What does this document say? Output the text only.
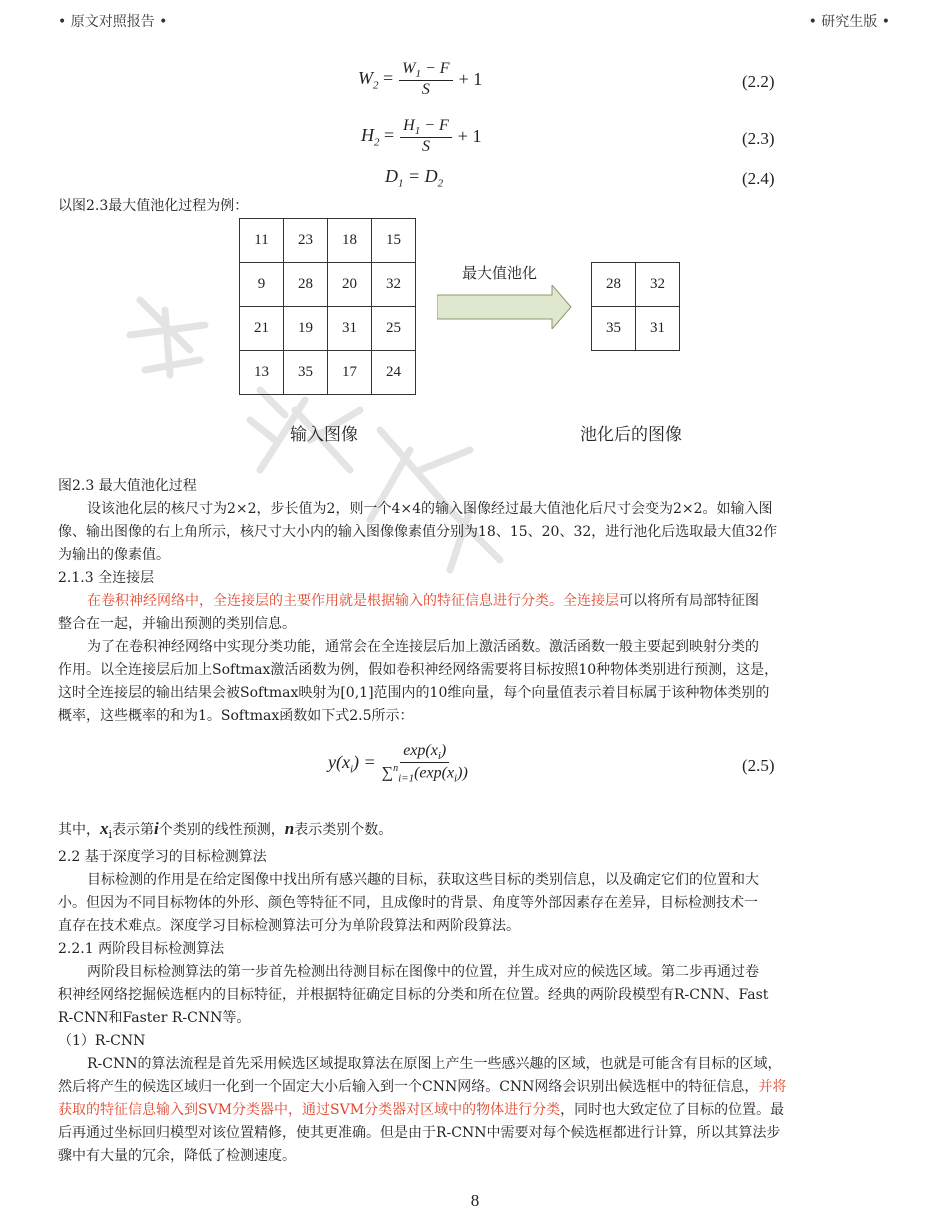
• 原文对照报告 •	• 研究生版 •
$W_2 = \frac{W_1 - F}{S} + 1$	(2.2)
$H_2 = \frac{H_1 - F}{S} + 1$	(2.3)
$D_1 = D_2$	(2.4)
以图2.3最大值池化过程为例：
11	23	18	15
9	28	20	32
21	19	31	25
13	35	17	24
28	32
35	31
最大值池化
输入图像	池化后的图像
图2.3 最大值池化过程
设该池化层的核尺寸为2×2，步长值为2，则一个4×4的输入图像经过最大值池化后尺寸会变为2×2。如输入图
像、输出图像的右上角所示，核尺寸大小内的输入图像像素值分别为18、15、20、32，进行池化后选取最大值32作
为输出的像素值。
2.1.3 全连接层
在卷积神经网络中，全连接层的主要作用就是根据输入的特征信息进行分类。全连接层可以将所有局部特征图
整合在一起，并输出预测的类别信息。
为了在卷积神经网络中实现分类功能，通常会在全连接层后加上激活函数。激活函数一般主要起到映射分类的
作用。以全连接层后加上Softmax激活函数为例，假如卷积神经网络需要将目标按照10种物体类别进行预测，这是，
这时全连接层的输出结果会被Softmax映射为[0,1]范围内的10维向量，每个向量值表示着目标属于该种物体类别的
概率，这些概率的和为1。Softmax函数如下式2.5所示：
$y(x_i) = \frac{\exp(x_i)}{\sum^n_{i=1}(\exp(x_i))}$	(2.5)
其中，$x_i$表示第i个类别的线性预测，n表示类别个数。
2.2 基于深度学习的目标检测算法
目标检测的作用是在给定图像中找出所有感兴趣的目标，获取这些目标的类别信息，以及确定它们的位置和大
小。但因为不同目标物体的外形、颜色等特征不同，且成像时的背景、角度等外部因素存在差异，目标检测技术一
直存在技术难点。深度学习目标检测算法可分为单阶段算法和两阶段算法。
2.2.1 两阶段目标检测算法
两阶段目标检测算法的第一步首先检测出待测目标在图像中的位置，并生成对应的候选区域。第二步再通过卷
积神经网络挖掘候选框内的目标特征，并根据特征确定目标的分类和所在位置。经典的两阶段模型有R-CNN、Fast
R-CNN和Faster R-CNN等。
（1）R-CNN
R-CNN的算法流程是首先采用候选区域提取算法在原图上产生一些感兴趣的区域，也就是可能含有目标的区域，
然后将产生的候选区域归一化到一个固定大小后输入到一个CNN网络。CNN网络会识别出候选框中的特征信息，并将
获取的特征信息输入到SVM分类器中，通过SVM分类器对区域中的物体进行分类，同时也大致定位了目标的位置。最
后再通过坐标回归模型对该位置精修，使其更准确。但是由于R-CNN中需要对每个候选框都进行计算，所以其算法步
骤中有大量的冗余，降低了检测速度。
8
